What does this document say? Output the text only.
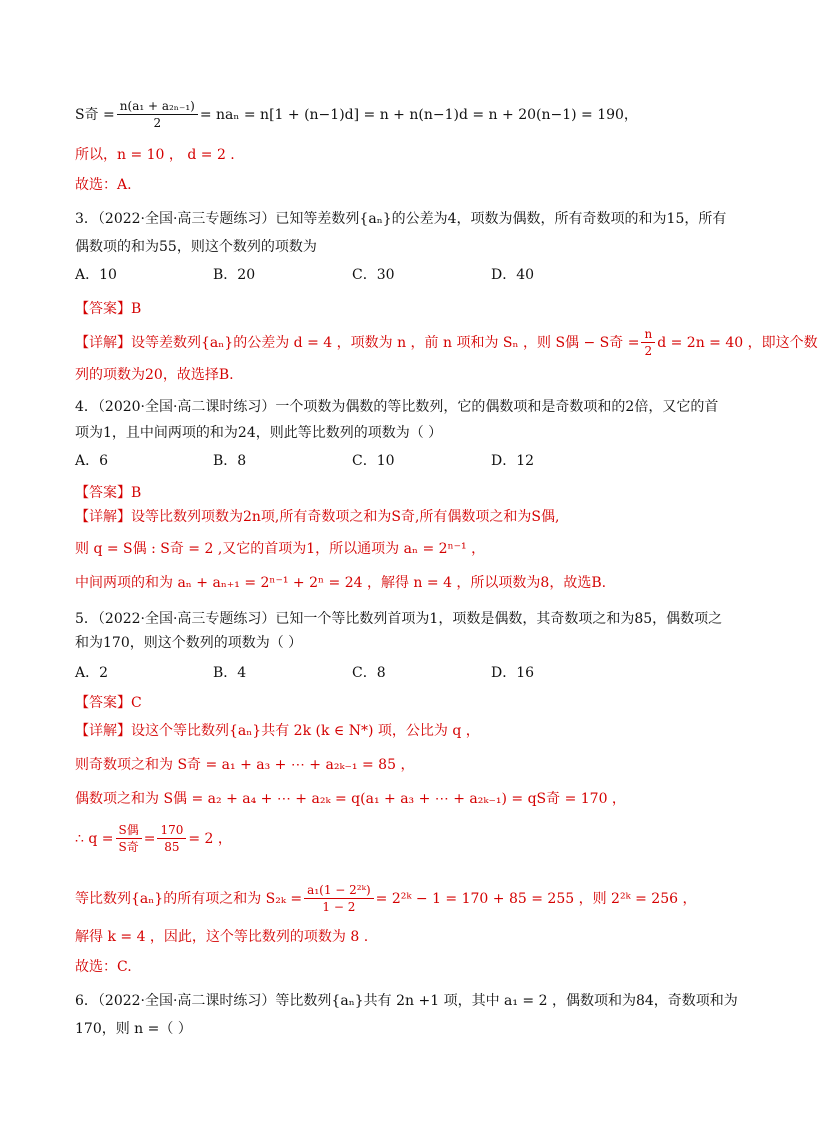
S奇 = $\frac{\text{n(a₁ + a₂ₙ₋₁)}}{2} = na_n = n[1 + (n-1)d] = n + n(n-1)d = n + 20(n-1) = 190$，
所以，n = 10 ， d = 2 .
故选：A.
3．（2022·全国·高三专题练习）已知等差数列{aₙ}的公差为4，项数为偶数，所有奇数项的和为15，所有
偶数项的和为55，则这个数列的项数为
A．10	B．20	C．30	D．40
【答案】B
【详解】设等差数列{aₙ}的公差为 d = 4 ，项数为 n ，前 n 项和为 Sₙ ，则 S偶 − S奇 = $\frac{n}{2}$ d = 2n = 40 ，即这个数
列的项数为20，故选择B.
4．（2020·全国·高二课时练习）一个项数为偶数的等比数列，它的偶数项和是奇数项和的2倍，又它的首
项为1，且中间两项的和为24，则此等比数列的项数为（ ）
A．6	B．8	C．10	D．12
【答案】B
【详解】设等比数列项数为2n项,所有奇数项之和为S奇,所有偶数项之和为S偶,
则 q = S偶 : S奇 = 2 ,又它的首项为1，所以通项为 aₙ = 2ⁿ⁻¹ ，
中间两项的和为 aₙ + aₙ₊₁ = 2ⁿ⁻¹ + 2ⁿ = 24 ，解得 n = 4 ，所以项数为8，故选B.
5．（2022·全国·高三专题练习）已知一个等比数列首项为1，项数是偶数，其奇数项之和为85，偶数项之
和为170，则这个数列的项数为（ ）
A．2	B．4	C．8	D．16
【答案】C
【详解】设这个等比数列{aₙ}共有 2k (k ∈ N*) 项，公比为 q ，
则奇数项之和为 S奇 = a₁ + a₃ + ⋯ + a₂ₖ₋₁ = 85 ，
偶数项之和为 S偶 = a₂ + a₄ + ⋯ + a₂ₖ = q(a₁ + a₃ + ⋯ + a₂ₖ₋₁) = qS奇 = 170 ，
∴ $q = \frac{\text{S偶}}{\text{S奇}} = \frac{170}{85} = 2$ ，
等比数列{aₙ}的所有项之和为 $S_{2k} = \frac{\text{a₁(1 − 2²ᵏ)}}{1 - 2}$ = 2²ᵏ − 1 = 170 + 85 = 255 ，则 2²ᵏ = 256 ，
解得 k = 4 ，因此，这个等比数列的项数为 8 .
故选：C.
6．（2022·全国·高二课时练习）等比数列{aₙ}共有 2n +1 项，其中 a₁ = 2 ，偶数项和为84，奇数项和为
170，则 n =（ ）
